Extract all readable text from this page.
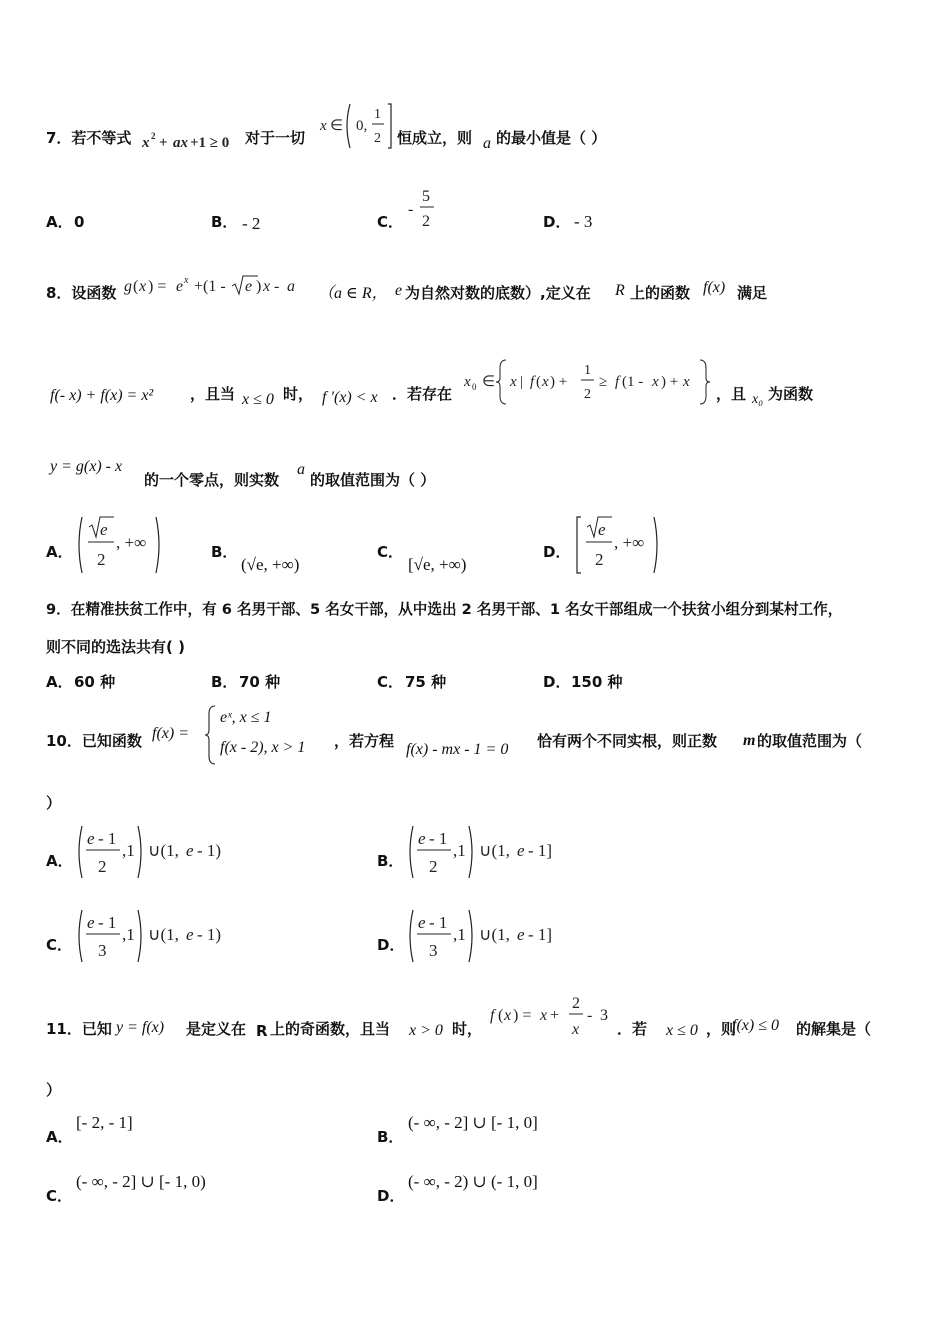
7．若不等式 x 2 + ax +1 ≥ 0 对于一切
x ∈ 0,
1
2 恒成立，则 a 的最小值是（ ）
A． 0	B． - 2	C．
-
5
2	D． - 3
8．设函数 g ( x ) = e x +(1 - e ) x - a （a ∈ R， e 为自然对数的底数）,定义在 R 上的函数 f(x) 满足
f(- x) + f(x) = x² ，且当 x ≤ 0 时， f ′(x) < x ．若存在
x 0 ∈ x | f ( x ) +
1
2
≥ f (1 - x ) + x
，且 x₀ 为函数
y = g(x) - x
的一个零点，则实数
a
的取值范围为（ ）
A．
e
2
, +∞	B．
(√e, +∞)
C．
[√e, +∞)
D．
e
2
, +∞
9．在精准扶贫工作中，有 6 名男干部、5 名女干部，从中选出 2 名男干部、1 名女干部组成一个扶贫小组分到某村工作，
则不同的选法共有( )
A． 60 种	B． 70 种	C． 75 种	D． 150 种
10．已知函数 f(x) =
eˣ, x ≤ 1
f(x - 2), x > 1 ，若方程 f(x) - mx - 1 = 0 恰有两个不同实根，则正数 m 的取值范围为（
）
A．
e - 1
2
,1 ∪(1, e - 1)
B．
e - 1
2
,1 ∪(1, e - 1]
C．
e - 1
3
,1 ∪(1, e - 1)
D．
e - 1
3
,1 ∪(1, e - 1]
11．已知 y = f(x) 是定义在 R 上的奇函数，且当 x > 0 时，
f ( x ) = x +
2
x
- 3
．若 x ≤ 0 ，则
f(x) ≤ 0 的解集是（
）
A．
[- 2, - 1]
B．
(- ∞, - 2] ∪ [- 1, 0]
C．
(- ∞, - 2] ∪ [- 1, 0)
D．
(- ∞, - 2) ∪ (- 1, 0]
